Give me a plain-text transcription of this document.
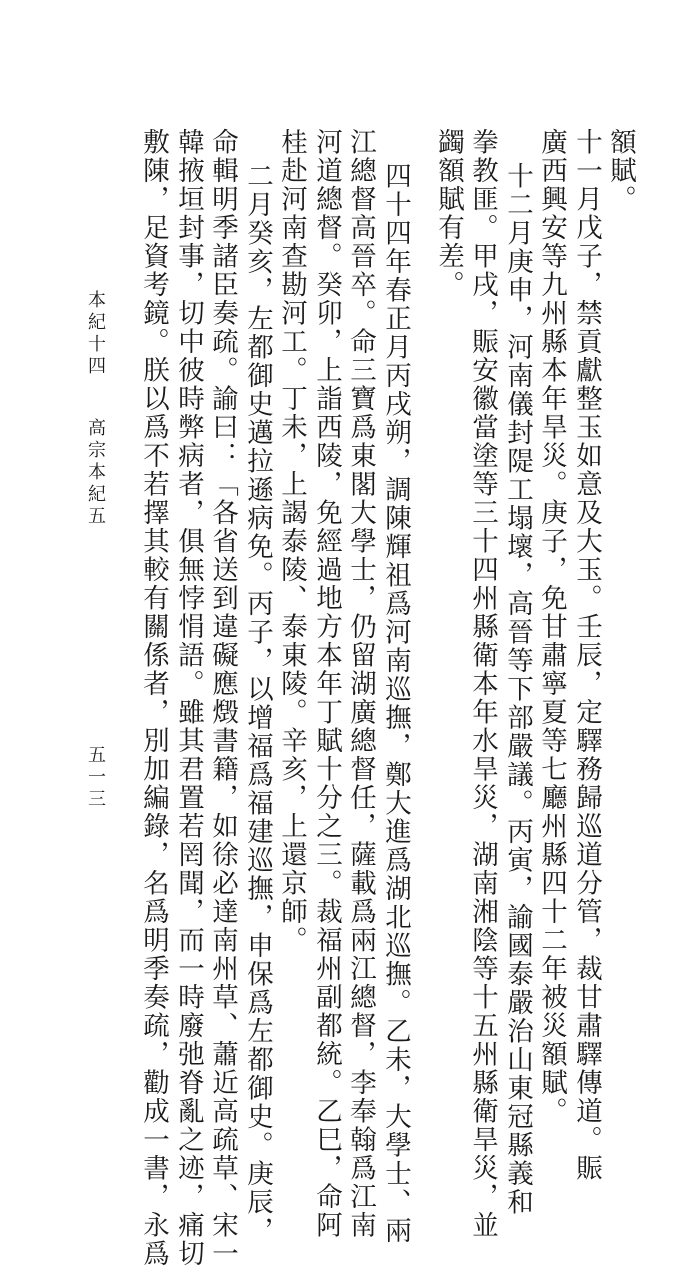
額賦。
十一月戊子，禁貢獻整玉如意及大玉。壬辰，定驛務歸巡道分管，裁甘肅驛傳道。賑
廣西興安等九州縣本年旱災。庚子，免甘肅寧夏等七廳州縣四十二年被災額賦。
十二月庚申，河南儀封隄工塌壞，高晉等下部嚴議。丙寅，諭國泰嚴治山東冠縣義和
拳教匪。甲戌，賑安徽當塗等三十四州縣衛本年水旱災，湖南湘陰等十五州縣衛旱災，並
蠲額賦有差。
四十四年春正月丙戌朔，調陳輝祖爲河南巡撫，鄭大進爲湖北巡撫。乙未，大學士、兩
江總督高晉卒。命三寶爲東閣大學士，仍留湖廣總督任，薩載爲兩江總督，李奉翰爲江南
河道總督。癸卯，上詣西陵，免經過地方本年丁賦十分之三。裁福州副都統。乙巳，命阿
桂赴河南查勘河工。丁未，上謁泰陵、泰東陵。辛亥，上還京師。
二月癸亥，左都御史邁拉遜病免。丙子，以增福爲福建巡撫，申保爲左都御史。庚辰，
命輯明季諸臣奏疏。諭曰：「各省送到違礙應燬書籍，如徐必達南州草、蕭近高疏草、宋一
韓掖垣封事，切中彼時弊病者，俱無悖悁語。雖其君置若罔聞，而一時廢弛脊亂之迹，痛切
敷陳，足資考鏡。朕以爲不若擇其較有關係者，別加編錄，名爲明季奏疏，勸成一書，永爲
本紀十四高宗本紀五
五一三
